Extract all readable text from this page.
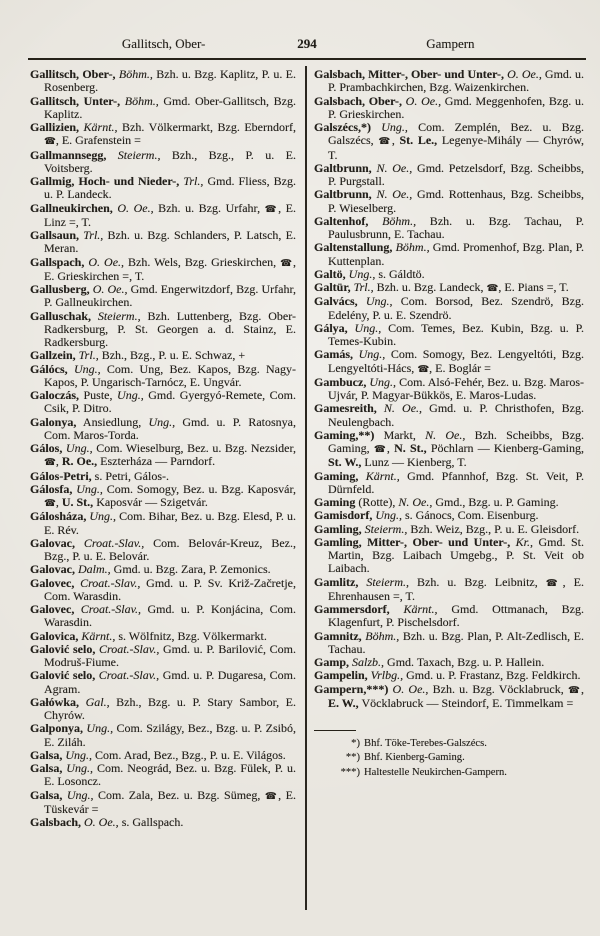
Gallitsch, Ober-	294	Gampern
Gallitsch, Ober-, Böhm., Bzh. u. Bzg. Kaplitz, P. u. E. Rosenberg.
Gallitsch, Unter-, Böhm., Gmd. Ober-Gallitsch, Bzg. Kaplitz.
Gallizien, Kärnt., Bzh. Völkermarkt, Bzg. Eberndorf, ☎, E. Grafenstein =
Gallmannsegg, Steierm., Bzh., Bzg., P. u. E. Voitsberg.
Gallmig, Hoch- und Nieder-, Trl., Gmd. Fliess, Bzg. u. P. Landeck.
Gallneukirchen, O. Oe., Bzh. u. Bzg. Urfahr, ☎, E. Linz =, T.
Gallsaun, Trl., Bzh. u. Bzg. Schlanders, P. Latsch, E. Meran.
Gallspach, O. Oe., Bzh. Wels, Bzg. Grieskirchen, ☎, E. Grieskirchen =, T.
Gallusberg, O. Oe., Gmd. Engerwitzdorf, Bzg. Urfahr, P. Gallneukirchen.
Galluschak, Steierm., Bzh. Luttenberg, Bzg. Ober-Radkersburg, P. St. Georgen a. d. Stainz, E. Radkersburg.
Gallzein, Trl., Bzh., Bzg., P. u. E. Schwaz, +
Gálócs, Ung., Com. Ung, Bez. Kapos, Bzg. Nagy-Kapos, P. Ungarisch-Tarnócz, E. Ungvár.
Galoczás, Puste, Ung., Gmd. Gyergyó-Remete, Com. Csik, P. Ditro.
Galonya, Ansiedlung, Ung., Gmd. u. P. Ratosnya, Com. Maros-Torda.
Gálos, Ung., Com. Wieselburg, Bez. u. Bzg. Nezsider, ☎, R. Oe., Eszterháza — Parndorf.
Gálos-Petri, s. Petri, Gálos-.
Gálosfa, Ung., Com. Somogy, Bez. u. Bzg. Kaposvár, ☎, U. St., Kaposvár — Szigetvár.
Gálosháza, Ung., Com. Bihar, Bez. u. Bzg. Elesd, P. u. E. Rév.
Galovac, Croat.-Slav., Com. Belovár-Kreuz, Bez., Bzg., P. u. E. Belovár.
Galovac, Dalm., Gmd. u. Bzg. Zara, P. Zemonics.
Galovec, Croat.-Slav., Gmd. u. P. Sv. Križ-Začretje, Com. Warasdin.
Galovec, Croat.-Slav., Gmd. u. P. Konjácina, Com. Warasdin.
Galovica, Kärnt., s. Wölfnitz, Bzg. Völkermarkt.
Galović selo, Croat.-Slav., Gmd. u. P. Barilović, Com. Modruš-Fiume.
Galović selo, Croat.-Slav., Gmd. u. P. Dugaresa, Com. Agram.
Gałówka, Gal., Bzh., Bzg. u. P. Stary Sambor, E. Chyrów.
Galponya, Ung., Com. Szilágy, Bez., Bzg. u. P. Zsibó, E. Ziláh.
Galsa, Ung., Com. Arad, Bez., Bzg., P. u. E. Világos.
Galsa, Ung., Com. Neográd, Bez. u. Bzg. Fülek, P. u. E. Losoncz.
Galsa, Ung., Com. Zala, Bez. u. Bzg. Sümeg, ☎, E. Tüskevár =
Galsbach, O. Oe., s. Gallspach.
Galsbach, Mitter-, Ober- und Unter-, O. Oe., Gmd. u. P. Prambachkirchen, Bzg. Waizenkirchen.
Galsbach, Ober-, O. Oe., Gmd. Meggenhofen, Bzg. u. P. Grieskirchen.
Galszécs,*) Ung., Com. Zemplén, Bez. u. Bzg. Galszécs, ☎, St. Le., Legenye-Mihály — Chyrów, T.
Galtbrunn, N. Oe., Gmd. Petzelsdorf, Bzg. Scheibbs, P. Purgstall.
Galtbrunn, N. Oe., Gmd. Rottenhaus, Bzg. Scheibbs, P. Wieselberg.
Galtenhof, Böhm., Bzh. u. Bzg. Tachau, P. Paulusbrunn, E. Tachau.
Galtenstallung, Böhm., Gmd. Promenhof, Bzg. Plan, P. Kuttenplan.
Galtö, Ung., s. Gáldtö.
Galtür, Trl., Bzh. u. Bzg. Landeck, ☎, E. Pians =, T.
Galvács, Ung., Com. Borsod, Bez. Szendrö, Bzg. Edelény, P. u. E. Szendrö.
Gálya, Ung., Com. Temes, Bez. Kubin, Bzg. u. P. Temes-Kubin.
Gamás, Ung., Com. Somogy, Bez. Lengyeltóti, Bzg. Lengyeltóti-Hács, ☎, E. Boglár =
Gambucz, Ung., Com. Alsó-Fehér, Bez. u. Bzg. Maros-Ujvár, P. Magyar-Bükkös, E. Maros-Ludas.
Gamesreith, N. Oe., Gmd. u. P. Christhofen, Bzg. Neulengbach.
Gaming,**) Markt, N. Oe., Bzh. Scheibbs, Bzg. Gaming, ☎, N. St., Pöchlarn — Kienberg-Gaming, St. W., Lunz — Kienberg, T.
Gaming, Kärnt., Gmd. Pfannhof, Bzg. St. Veit, P. Dürnfeld.
Gaming (Rotte), N. Oe., Gmd., Bzg. u. P. Gaming.
Gamisdorf, Ung., s. Gánocs, Com. Eisenburg.
Gamling, Steierm., Bzh. Weiz, Bzg., P. u. E. Gleisdorf.
Gamling, Mitter-, Ober- und Unter-, Kr., Gmd. St. Martin, Bzg. Laibach Umgebg., P. St. Veit ob Laibach.
Gamlitz, Steierm., Bzh. u. Bzg. Leibnitz, ☎, E. Ehrenhausen =, T.
Gammersdorf, Kärnt., Gmd. Ottmanach, Bzg. Klagenfurt, P. Pischelsdorf.
Gamnitz, Böhm., Bzh. u. Bzg. Plan, P. Alt-Zedlisch, E. Tachau.
Gamp, Salzb., Gmd. Taxach, Bzg. u. P. Hallein.
Gampelin, Vrlbg., Gmd. u. P. Frastanz, Bzg. Feldkirch.
Gampern,***) O. Oe., Bzh. u. Bzg. Vöcklabruck, ☎, E. W., Vöcklabruck — Steindorf, E. Timmelkam =
*) Bhf. Töke-Terebes-Galszécs.
**) Bhf. Kienberg-Gaming.
***) Haltestelle Neukirchen-Gampern.
